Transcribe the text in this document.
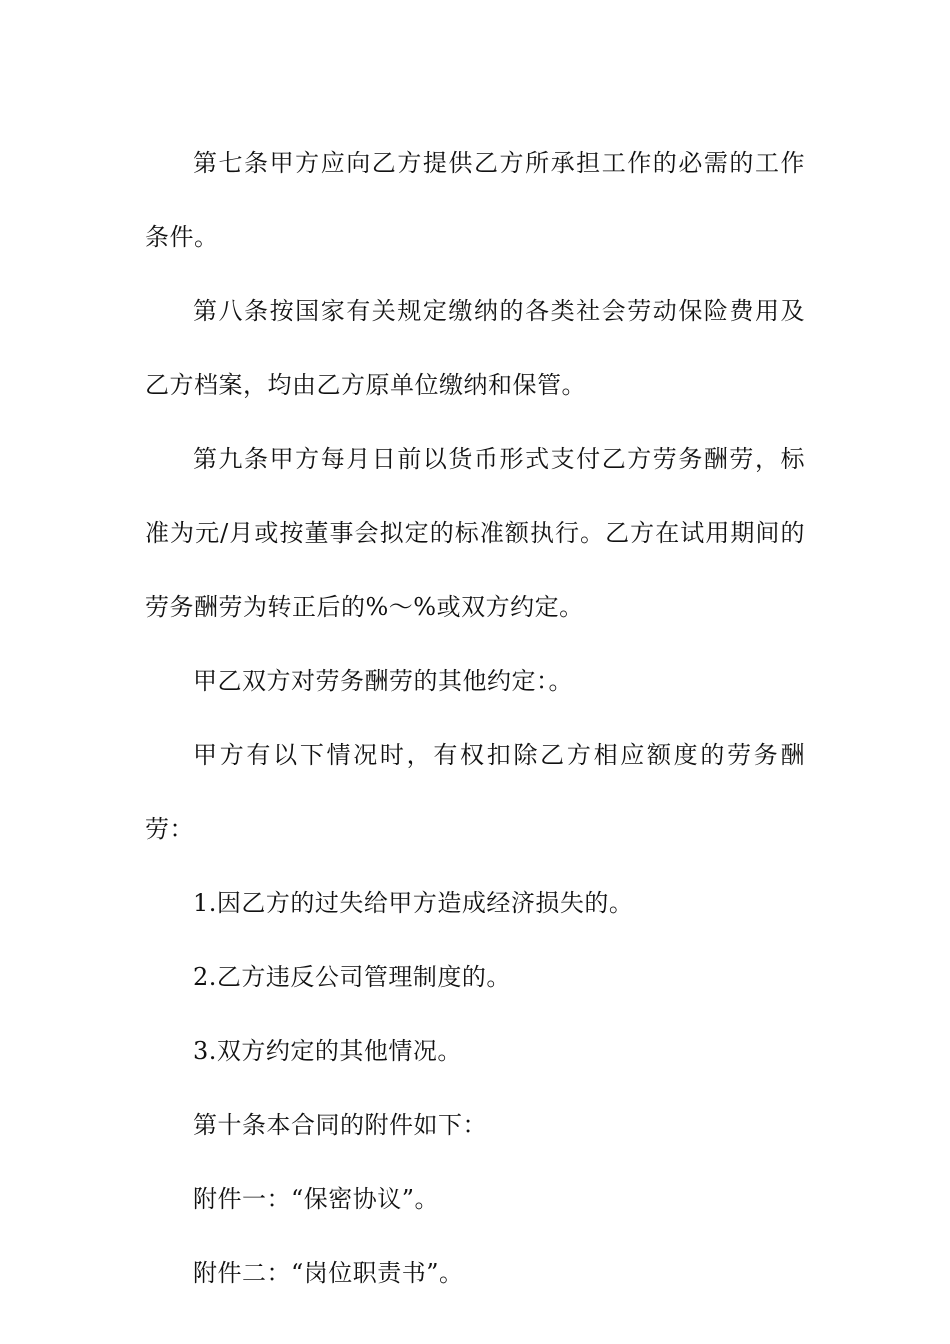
第七条甲方应向乙方提供乙方所承担工作的必需的工作条件。

第八条按国家有关规定缴纳的各类社会劳动保险费用及乙方档案，均由乙方原单位缴纳和保管。

第九条甲方每月日前以货币形式支付乙方劳务酬劳，标准为元/月或按董事会拟定的标准额执行。乙方在试用期间的劳务酬劳为转正后的%～%或双方约定。

甲乙双方对劳务酬劳的其他约定：。

甲方有以下情况时，有权扣除乙方相应额度的劳务酬劳：

1.因乙方的过失给甲方造成经济损失的。

2.乙方违反公司管理制度的。

3.双方约定的其他情况。

第十条本合同的附件如下：

附件一：“保密协议”。

附件二：“岗位职责书”。
